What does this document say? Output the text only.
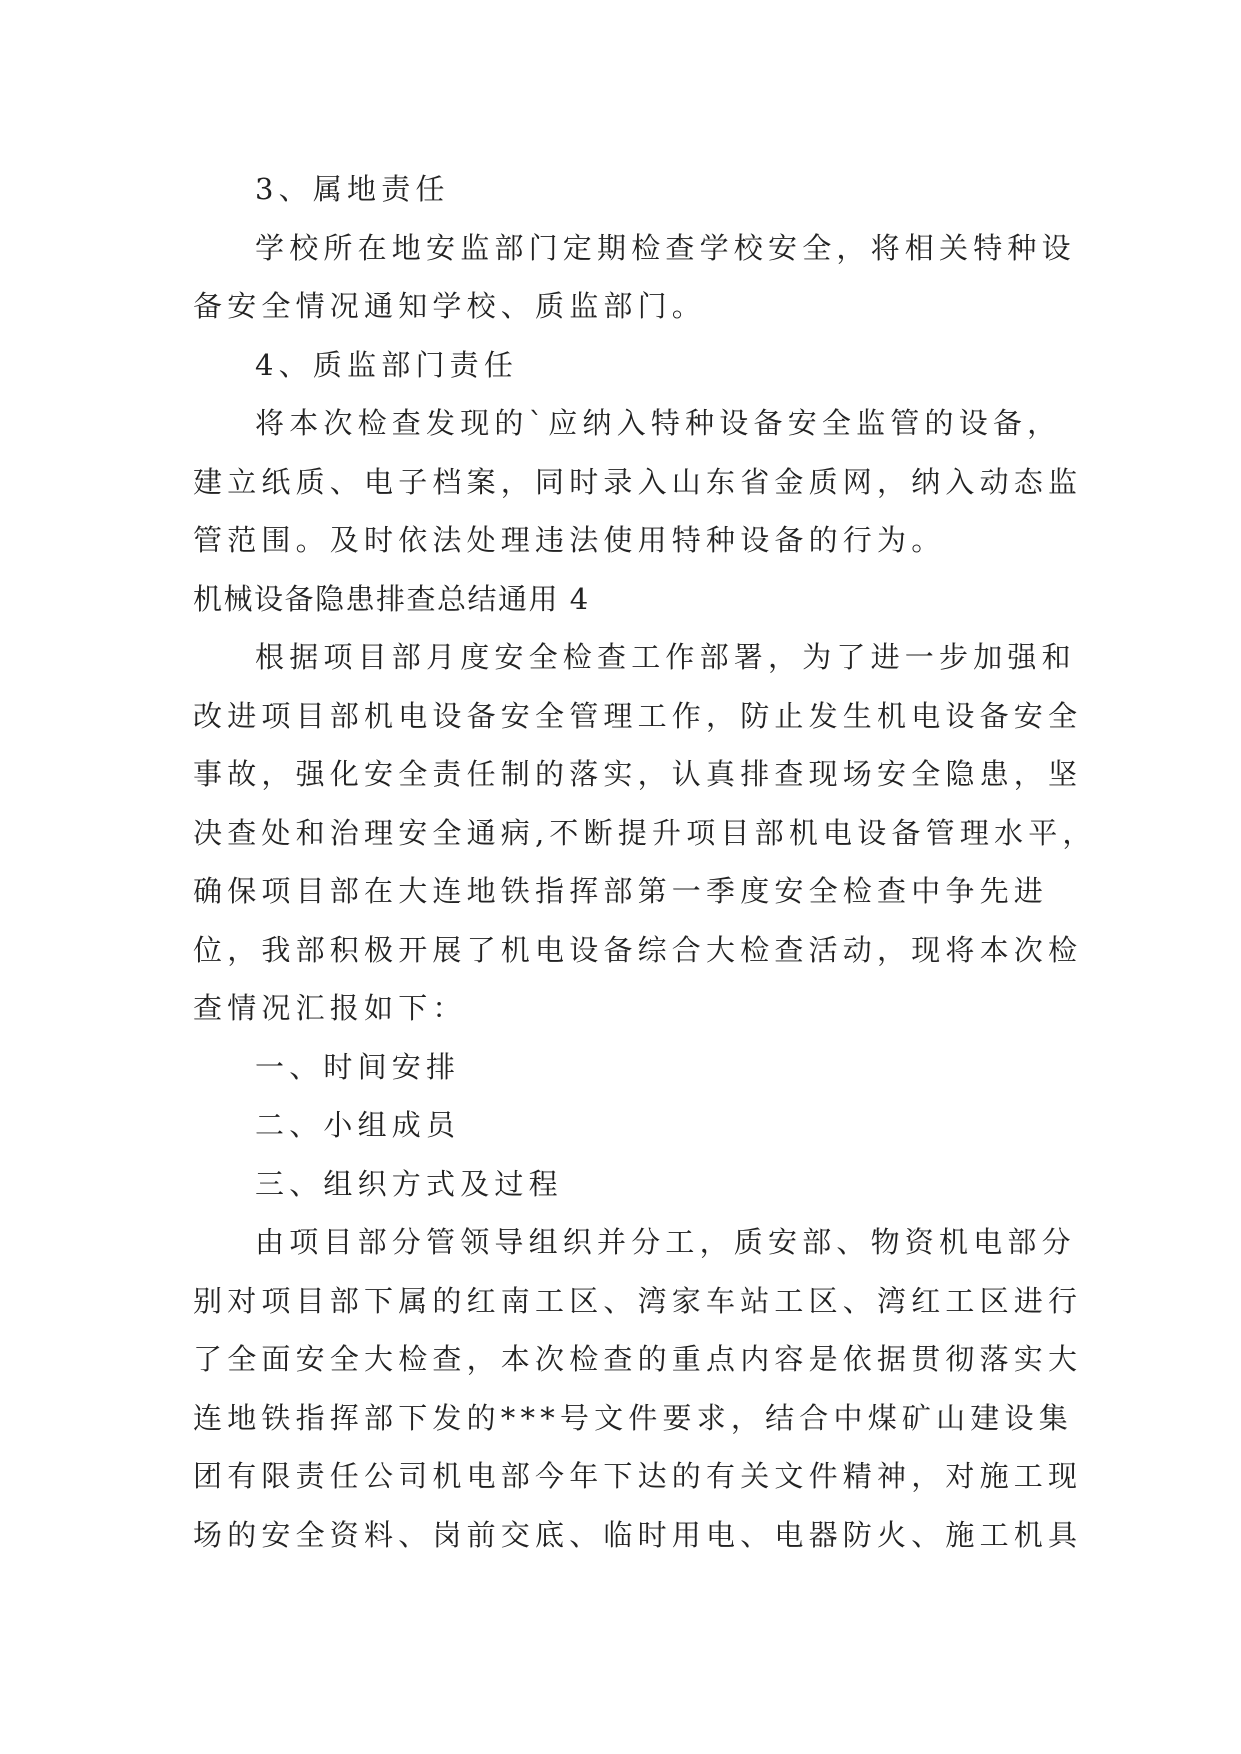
3、属地责任
学校所在地安监部门定期检查学校安全，将相关特种设
备安全情况通知学校、质监部门。
4、质监部门责任
将本次检查发现的`应纳入特种设备安全监管的设备，
建立纸质、电子档案，同时录入山东省金质网，纳入动态监
管范围。及时依法处理违法使用特种设备的行为。
机械设备隐患排查总结通用 4
根据项目部月度安全检查工作部署，为了进一步加强和
改进项目部机电设备安全管理工作，防止发生机电设备安全
事故，强化安全责任制的落实，认真排查现场安全隐患，坚
决查处和治理安全通病,不断提升项目部机电设备管理水平，
确保项目部在大连地铁指挥部第一季度安全检查中争先进
位，我部积极开展了机电设备综合大检查活动，现将本次检
查情况汇报如下：
一、时间安排
二、小组成员
三、组织方式及过程
由项目部分管领导组织并分工，质安部、物资机电部分
别对项目部下属的红南工区、湾家车站工区、湾红工区进行
了全面安全大检查，本次检查的重点内容是依据贯彻落实大
连地铁指挥部下发的***号文件要求，结合中煤矿山建设集
团有限责任公司机电部今年下达的有关文件精神，对施工现
场的安全资料、岗前交底、临时用电、电器防火、施工机具
